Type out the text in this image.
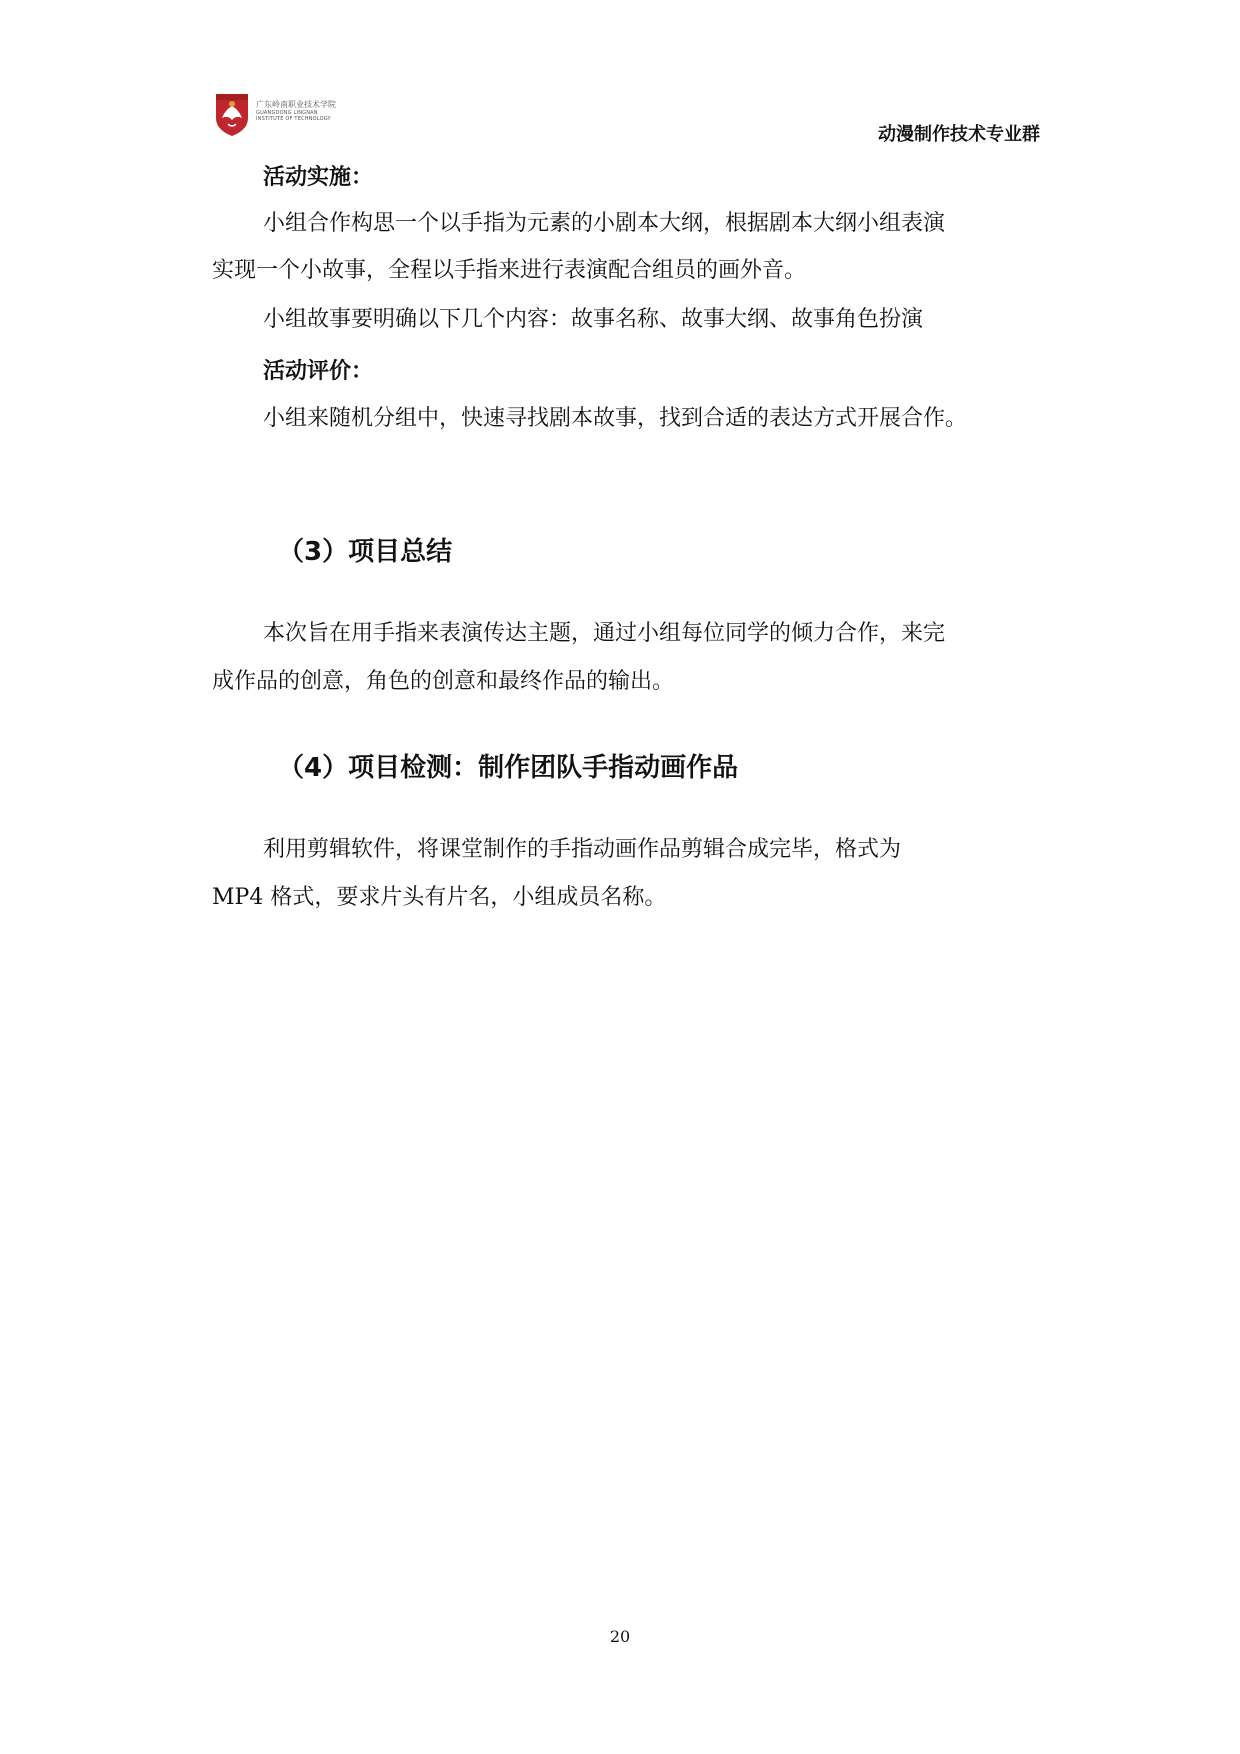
广东岭南职业技术学院
GUANGDONG LINGNAN
INSTITUTE OF TECHNOLOGY
动漫制作技术专业群
活动实施：
小组合作构思一个以手指为元素的小剧本大纲，根据剧本大纲小组表演
实现一个小故事，全程以手指来进行表演配合组员的画外音。
小组故事要明确以下几个内容：故事名称、故事大纲、故事角色扮演
活动评价：
小组来随机分组中，快速寻找剧本故事，找到合适的表达方式开展合作。
（3）项目总结
本次旨在用手指来表演传达主题，通过小组每位同学的倾力合作，来完
成作品的创意，角色的创意和最终作品的输出。
（4）项目检测：制作团队手指动画作品
利用剪辑软件，将课堂制作的手指动画作品剪辑合成完毕，格式为
MP4 格式，要求片头有片名，小组成员名称。
20
